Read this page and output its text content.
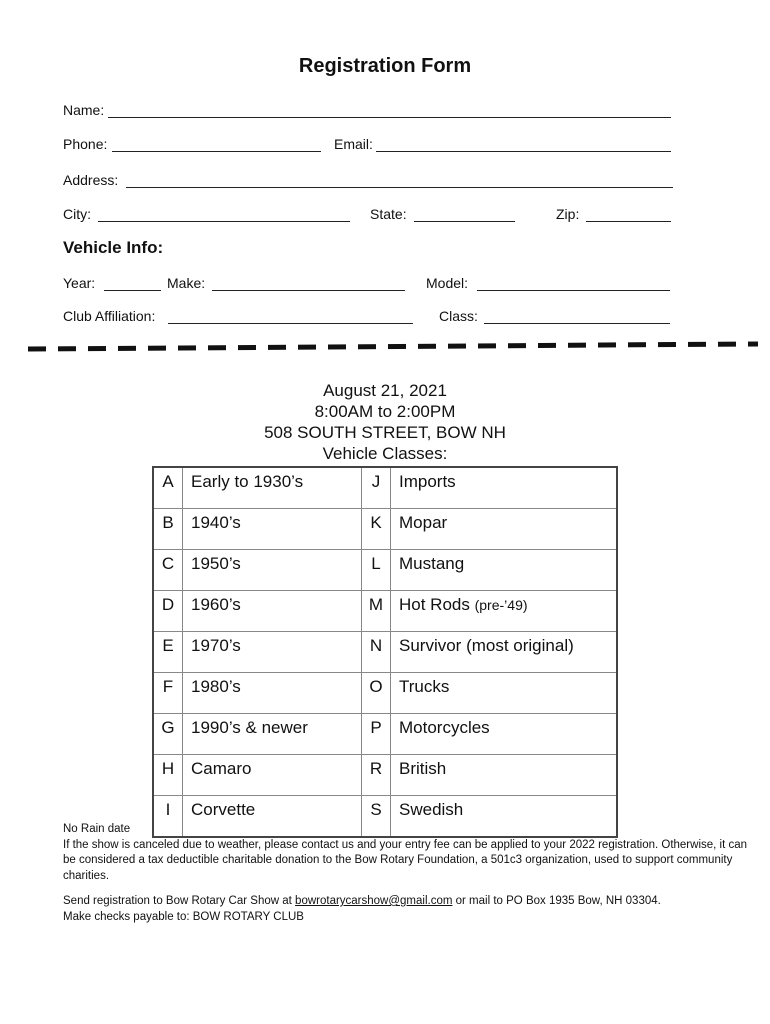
Registration Form
Name:
Phone:	Email:
Address:
City:	State:	Zip:
Vehicle Info:
Year:	Make:	Model:
Club Affiliation:	Class:
August 21, 2021
8:00AM to 2:00PM
508 SOUTH STREET, BOW NH
Vehicle Classes:
A	Early to 1930’s	J	Imports
B	1940’s	K	Mopar
C	1950’s	L	Mustang
D	1960’s	M	Hot Rods (pre-’49)
E	1970’s	N	Survivor (most original)
F	1980’s	O	Trucks
G	1990’s & newer	P	Motorcycles
H	Camaro	R	British
I	Corvette	S	Swedish
No Rain date
If the show is canceled due to weather, please contact us and your entry fee can be applied to your 2022 registration. Otherwise, it can be considered a tax deductible charitable donation to the Bow Rotary Foundation, a 501c3 organization, used to support community charities.
Send registration to Bow Rotary Car Show at bowrotarycarshow@gmail.com or mail to PO Box 1935 Bow, NH 03304.
Make checks payable to: BOW ROTARY CLUB
